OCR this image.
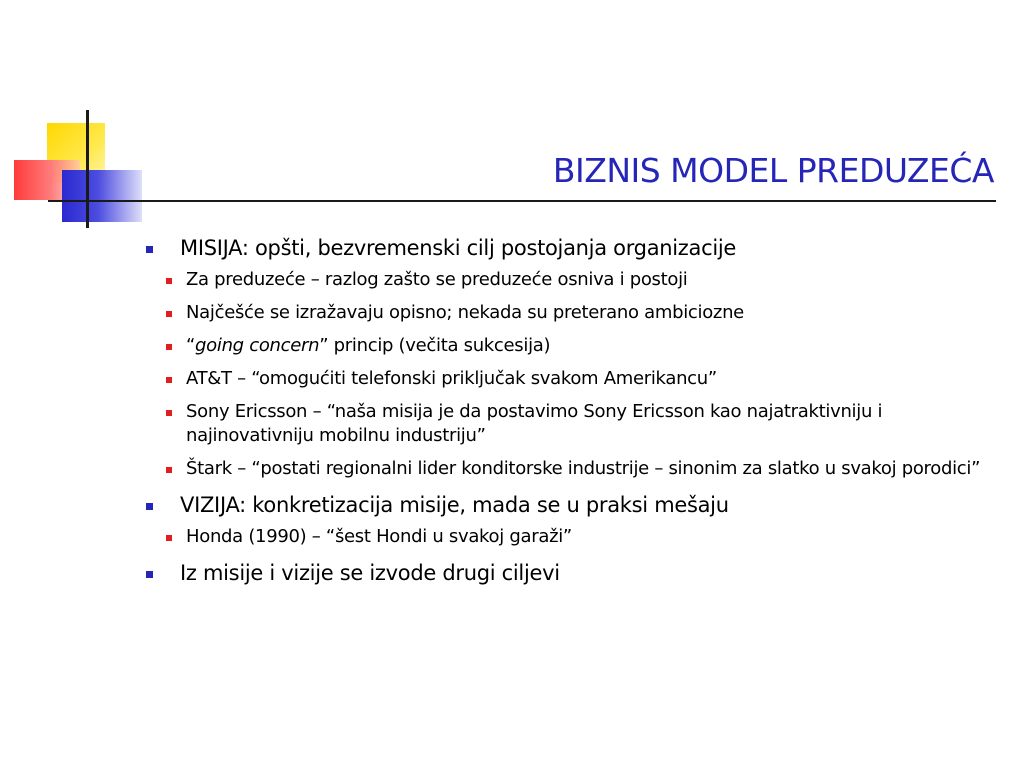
BIZNIS MODEL PREDUZEĆA
MISIJA: opšti, bezvremenski cilj postojanja organizacije
Za preduzeće – razlog zašto se preduzeće osniva i postoji
Najčešće se izražavaju opisno; nekada su preterano ambiciozne
“going concern” princip (večita sukcesija)
AT&T – “omogućiti telefonski priključak svakom Amerikancu”
Sony Ericsson – “naša misija je da postavimo Sony Ericsson kao najatraktivniju i najinovativniju mobilnu industriju”
Štark – “postati regionalni lider konditorske industrije – sinonim za slatko u svakoj porodici”
VIZIJA: konkretizacija misije, mada se u praksi mešaju
Honda (1990) – “šest Hondi u svakoj garaži”
Iz misije i vizije se izvode drugi ciljevi
